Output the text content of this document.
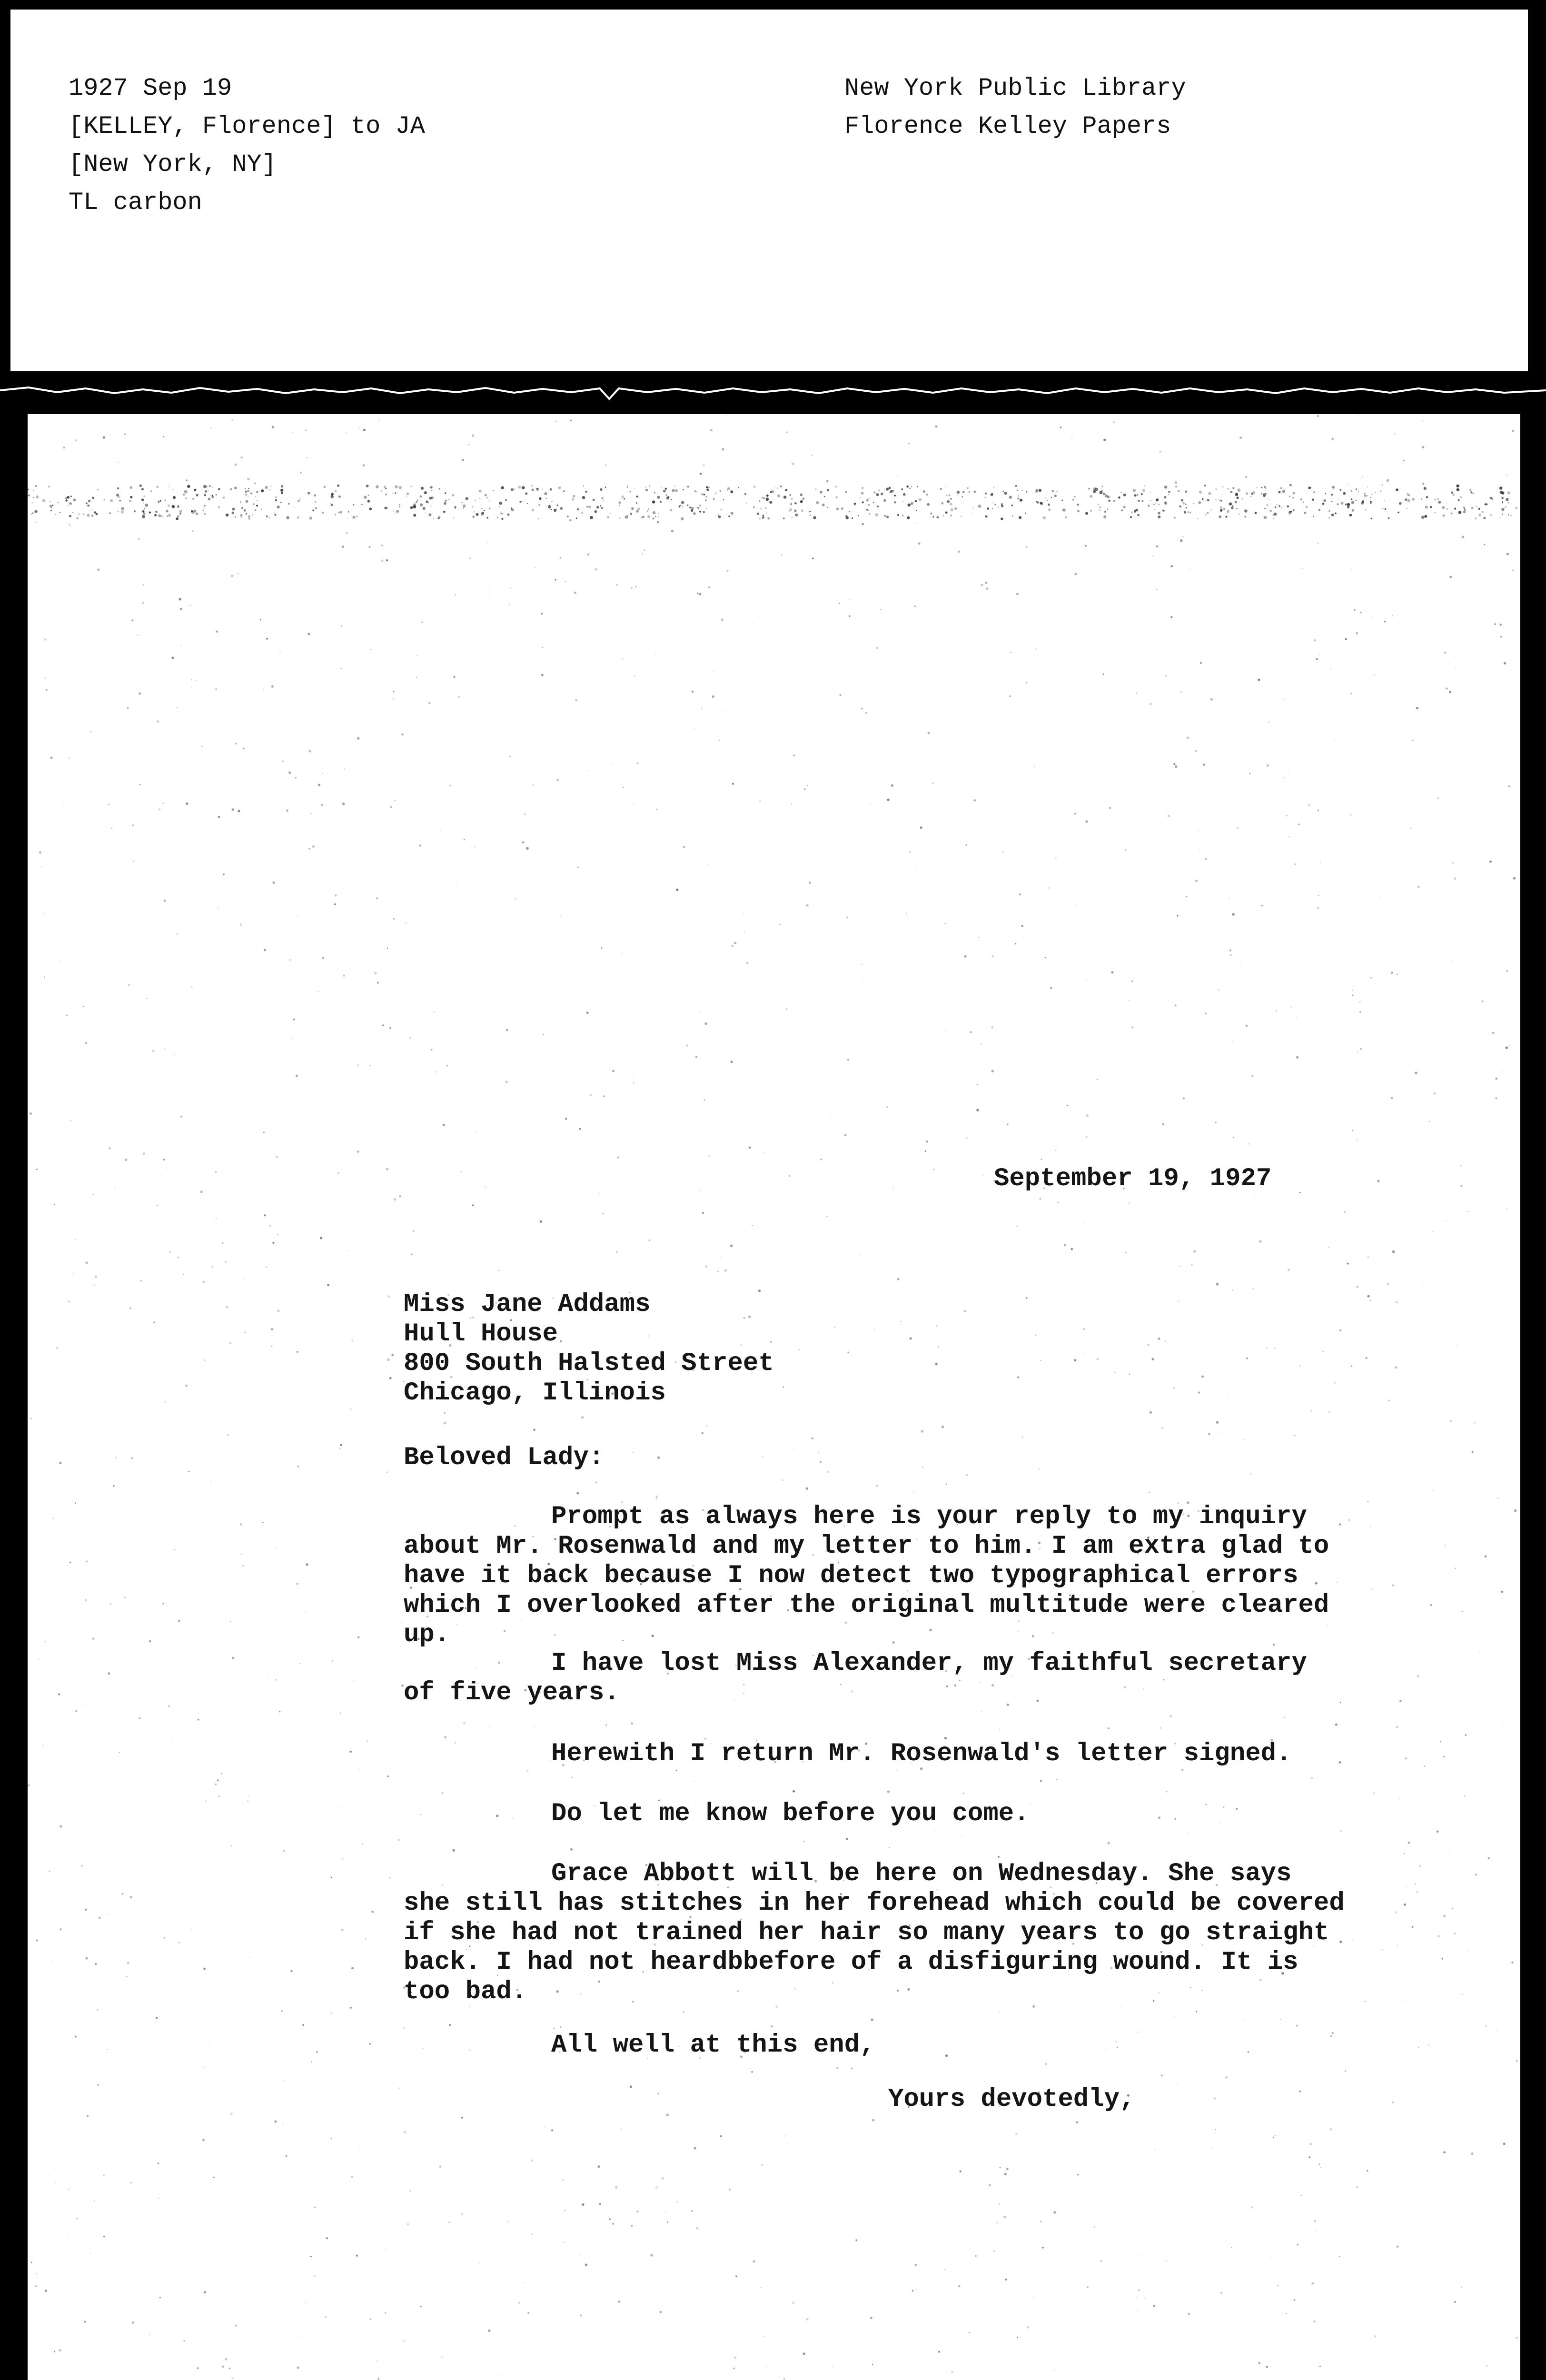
1927 Sep 19
[KELLEY, Florence] to JA
[New York, NY]
TL carbon
New York Public Library
Florence Kelley Papers
September 19, 1927
Miss Jane Addams
Hull House
800 South Halsted Street
Chicago, Illinois
Beloved Lady:
Prompt as always here is your reply to my inquiry about Mr. Rosenwald and my letter to him. I am extra glad to have it back because I now detect two typographical errors which I overlooked after the original multitude were cleared up.
I have lost Miss Alexander, my faithful secretary of five years.
Herewith I return Mr. Rosenwald's letter signed.
Do let me know before you come.
Grace Abbott will be here on Wednesday. She says she still has stitches in her forehead which could be covered if she had not trained her hair so many years to go straight back. I had not heardbbefore of a disfiguring wound. It is too bad.
All well at this end,
Yours devotedly,
